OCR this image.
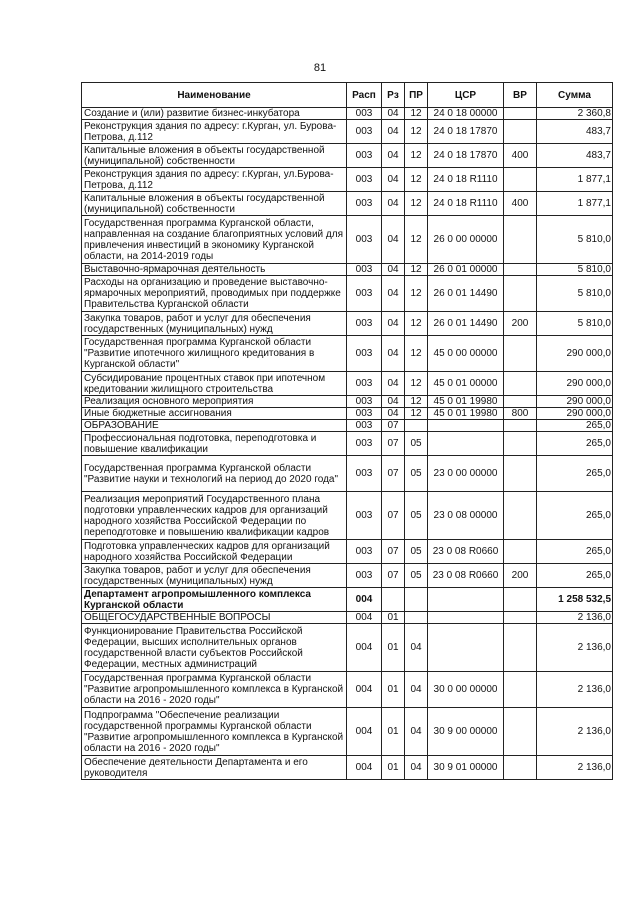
81
Наименование	Расп	Рз	ПР	ЦСР	ВР	Сумма
Создание и (или) развитие бизнес-инкубатора	003	04	12	24 0 18 00000		2 360,8
Реконструкция здания по адресу: г.Курган, ул. Бурова-Петрова, д.112	003	04	12	24 0 18 17870		483,7
Капитальные вложения в объекты государственной (муниципальной) собственности	003	04	12	24 0 18 17870	400	483,7
Реконструкция здания по адресу: г.Курган, ул.Бурова-Петрова, д.112	003	04	12	24 0 18 R1110		1 877,1
Капитальные вложения в объекты государственной (муниципальной) собственности	003	04	12	24 0 18 R1110	400	1 877,1
Государственная программа Курганской области, направленная на создание благоприятных условий для привлечения инвестиций в экономику Курганской области, на 2014-2019 годы	003	04	12	26 0 00 00000		5 810,0
Выставочно-ярмарочная деятельность	003	04	12	26 0 01 00000		5 810,0
Расходы на организацию и проведение выставочно-ярмарочных мероприятий, проводимых при поддержке Правительства Курганской области	003	04	12	26 0 01 14490		5 810,0
Закупка товаров, работ и услуг для обеспечения государственных (муниципальных) нужд	003	04	12	26 0 01 14490	200	5 810,0
Государственная программа Курганской области "Развитие ипотечного жилищного кредитования в Курганской области"	003	04	12	45 0 00 00000		290 000,0
Субсидирование процентных ставок при ипотечном кредитовании жилищного строительства	003	04	12	45 0 01 00000		290 000,0
Реализация основного мероприятия	003	04	12	45 0 01 19980		290 000,0
Иные бюджетные ассигнования	003	04	12	45 0 01 19980	800	290 000,0
ОБРАЗОВАНИЕ	003	07				265,0
Профессиональная подготовка, переподготовка и повышение квалификации	003	07	05			265,0
Государственная программа Курганской области "Развитие науки и технологий на период до 2020 года"	003	07	05	23 0 00 00000		265,0
Реализация мероприятий Государственного плана подготовки управленческих кадров для организаций народного хозяйства Российской Федерации по переподготовке и повышению квалификации кадров	003	07	05	23 0 08 00000		265,0
Подготовка управленческих кадров для организаций народного хозяйства Российской Федерации	003	07	05	23 0 08 R0660		265,0
Закупка товаров, работ и услуг для обеспечения государственных (муниципальных) нужд	003	07	05	23 0 08 R0660	200	265,0
Департамент агропромышленного комплекса Курганской области	004					1 258 532,5
ОБЩЕГОСУДАРСТВЕННЫЕ ВОПРОСЫ	004	01				2 136,0
Функционирование Правительства Российской Федерации, высших исполнительных органов государственной власти субъектов Российской Федерации, местных администраций	004	01	04			2 136,0
Государственная программа Курганской области "Развитие агропромышленного комплекса в Курганской области на 2016 - 2020 годы"	004	01	04	30 0 00 00000		2 136,0
Подпрограмма "Обеспечение реализации государственной программы Курганской области "Развитие агропромышленного комплекса в Курганской области на 2016 - 2020 годы"	004	01	04	30 9 00 00000		2 136,0
Обеспечение деятельности Департамента и его руководителя	004	01	04	30 9 01 00000		2 136,0
